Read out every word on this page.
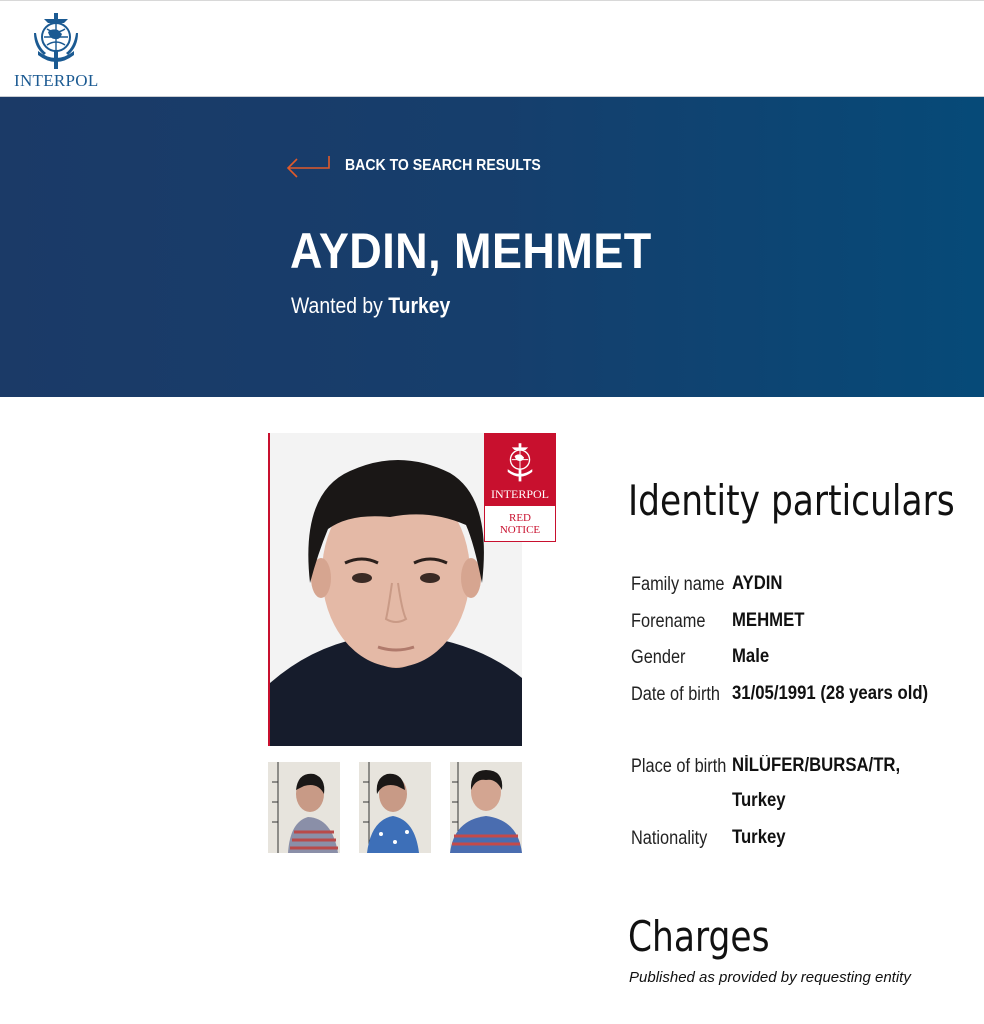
INTERPOL
BACK TO SEARCH RESULTS
AYDIN, MEHMET
Wanted by Turkey
INTERPOL
RED
NOTICE
Identity particulars
Family name AYDIN
Forename MEHMET
Gender Male
Date of birth 31/05/1991 (28 years old)
Place of birth NİLÜFER/BURSA/TR, Turkey
Nationality Turkey
Charges
Published as provided by requesting entity
